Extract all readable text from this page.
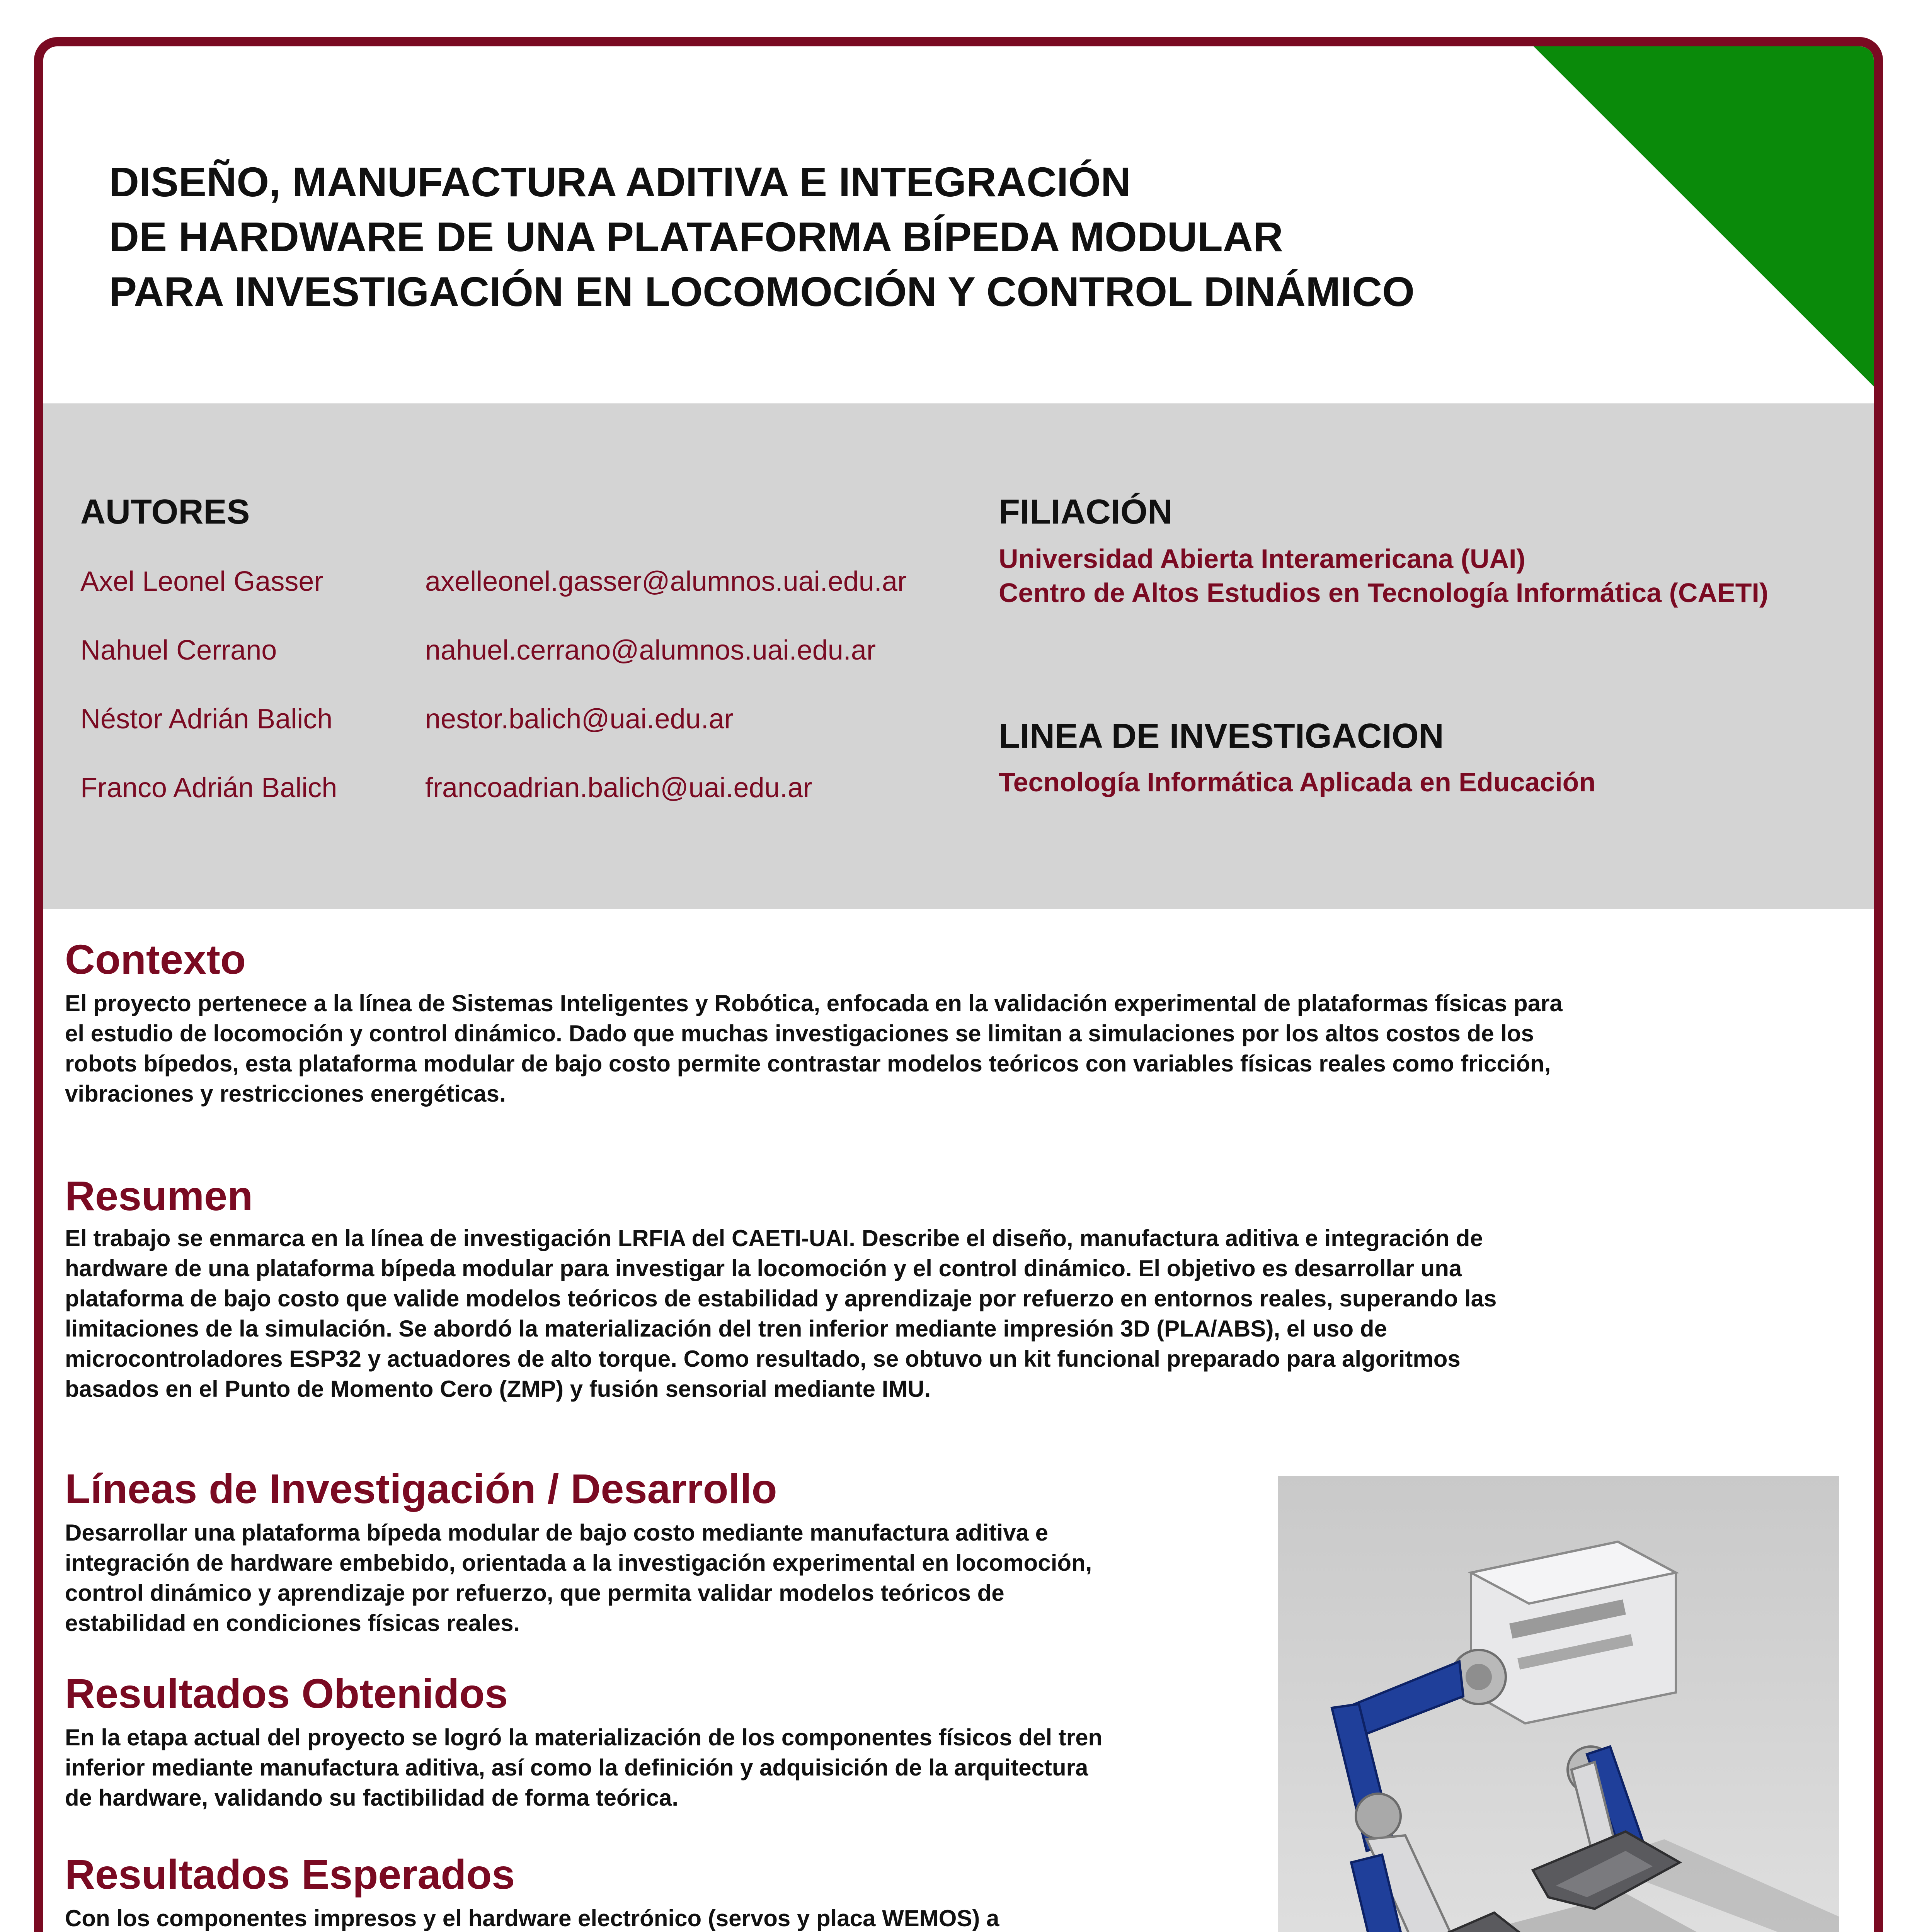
DISEÑO, MANUFACTURA ADITIVA E INTEGRACIÓN
DE HARDWARE DE UNA PLATAFORMA BÍPEDA MODULAR
PARA INVESTIGACIÓN EN LOCOMOCIÓN Y CONTROL DINÁMICO
AUTORES
Axel Leonel Gasser	axelleonel.gasser@alumnos.uai.edu.ar
Nahuel Cerrano	nahuel.cerrano@alumnos.uai.edu.ar
Néstor Adrián Balich	nestor.balich@uai.edu.ar
Franco Adrián Balich	francoadrian.balich@uai.edu.ar
FILIACIÓN
Universidad Abierta Interamericana (UAI)
Centro de Altos Estudios en Tecnología Informática (CAETI)
LINEA DE INVESTIGACION
Tecnología Informática Aplicada en Educación
Contexto
El proyecto pertenece a la línea de Sistemas Inteligentes y Robótica, enfocada en la validación experimental de plataformas físicas para
el estudio de locomoción y control dinámico. Dado que muchas investigaciones se limitan a simulaciones por los altos costos de los
robots bípedos, esta plataforma modular de bajo costo permite contrastar modelos teóricos con variables físicas reales como fricción,
vibraciones y restricciones energéticas.
Resumen
El trabajo se enmarca en la línea de investigación LRFIA del CAETI-UAI. Describe el diseño, manufactura aditiva e integración de
hardware de una plataforma bípeda modular para investigar la locomoción y el control dinámico. El objetivo es desarrollar una
plataforma de bajo costo que valide modelos teóricos de estabilidad y aprendizaje por refuerzo en entornos reales, superando las
limitaciones de la simulación. Se abordó la materialización del tren inferior mediante impresión 3D (PLA/ABS), el uso de
microcontroladores ESP32 y actuadores de alto torque. Como resultado, se obtuvo un kit funcional preparado para algoritmos
basados en el Punto de Momento Cero (ZMP) y fusión sensorial mediante IMU.
Líneas de Investigación / Desarrollo
Desarrollar una plataforma bípeda modular de bajo costo mediante manufactura aditiva e
integración de hardware embebido, orientada a la investigación experimental en locomoción,
control dinámico y aprendizaje por refuerzo, que permita validar modelos teóricos de
estabilidad en condiciones físicas reales.
Resultados Obtenidos
En la etapa actual del proyecto se logró la materialización de los componentes físicos del tren
inferior mediante manufactura aditiva, así como la definición y adquisición de la arquitectura
de hardware, validando su factibilidad de forma teórica.
Resultados Esperados
Con los componentes impresos y el hardware electrónico (servos y placa WEMOS) a
